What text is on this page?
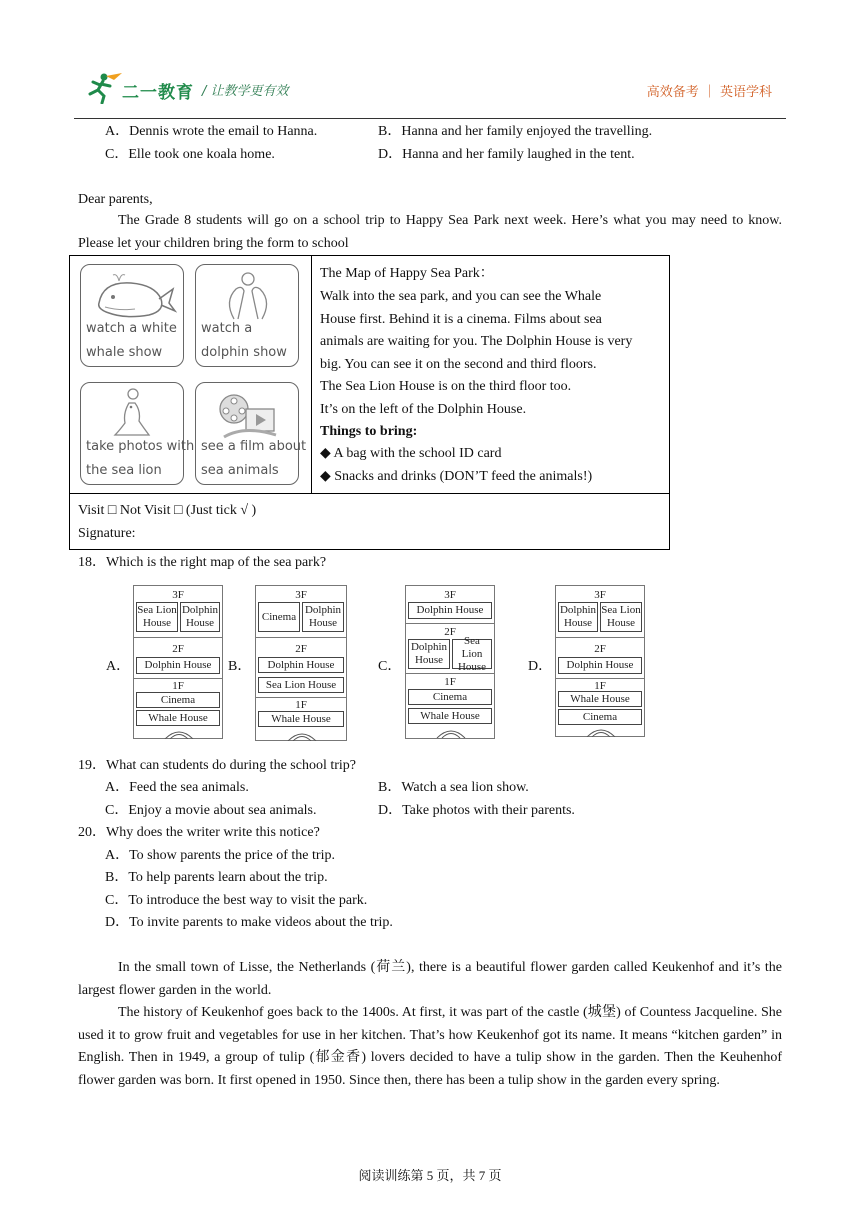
二一教育 / 让教学更有效	高效备考 ｜ 英语学科
A．Dennis wrote the email to Hanna.	B．Hanna and her family enjoyed the travelling.
C．Elle took one koala home.	D．Hanna and her family laughed in the tent.
Dear parents,
The Grade 8 students will go on a school trip to Happy Sea Park next week. Here’s what you may need to know. Please let your children bring the form to school
watch a white
whale show
watch a
dolphin show
take photos with
the sea lion
see a film about
sea animals
The Map of Happy Sea Park：
Walk into the sea park, and you can see the Whale
House first. Behind it is a cinema. Films about sea
animals are waiting for you. The Dolphin House is very
big. You can see it on the second and third floors.
The Sea Lion House is on the third floor too.
It’s on the left of the Dolphin House.
Things to bring:
◆ A bag with the school ID card
◆ Snacks and drinks (DON’T feed the animals!)
Visit □ Not Visit □ (Just tick √ )
Signature:
18．Which is the right map of the sea park?
A．	B．	C．	D．
3F
Sea Lion House
Dolphin House
2F
Dolphin House
1F
Cinema
Whale House
3F
Cinema
Dolphin House
2F
Dolphin House
Sea Lion House
1F
Whale House
3F
Dolphin House
2F
Dolphin House
Sea Lion House
1F
Cinema
Whale House
3F
Dolphin House
Sea Lion House
2F
Dolphin House
1F
Whale House
Cinema
19．What can students do during the school trip?
A．Feed the sea animals.	B．Watch a sea lion show.
C．Enjoy a movie about sea animals.	D．Take photos with their parents.
20．Why does the writer write this notice?
A．To show parents the price of the trip.
B．To help parents learn about the trip.
C．To introduce the best way to visit the park.
D．To invite parents to make videos about the trip.
In the small town of Lisse, the Netherlands (荷兰), there is a beautiful flower garden called Keukenhof and it’s the largest flower garden in the world.
The history of Keukenhof goes back to the 1400s. At first, it was part of the castle (城堡) of Countess Jacqueline. She used it to grow fruit and vegetables for use in her kitchen. That’s how Keukenhof got its name. It means “kitchen garden” in English. Then in 1949, a group of tulip (郁金香) lovers decided to have a tulip show in the garden. Then the Keuhenhof flower garden was born. It first opened in 1950. Since then, there has been a tulip show in the garden every spring.
阅读训练第 5 页，共 7 页
